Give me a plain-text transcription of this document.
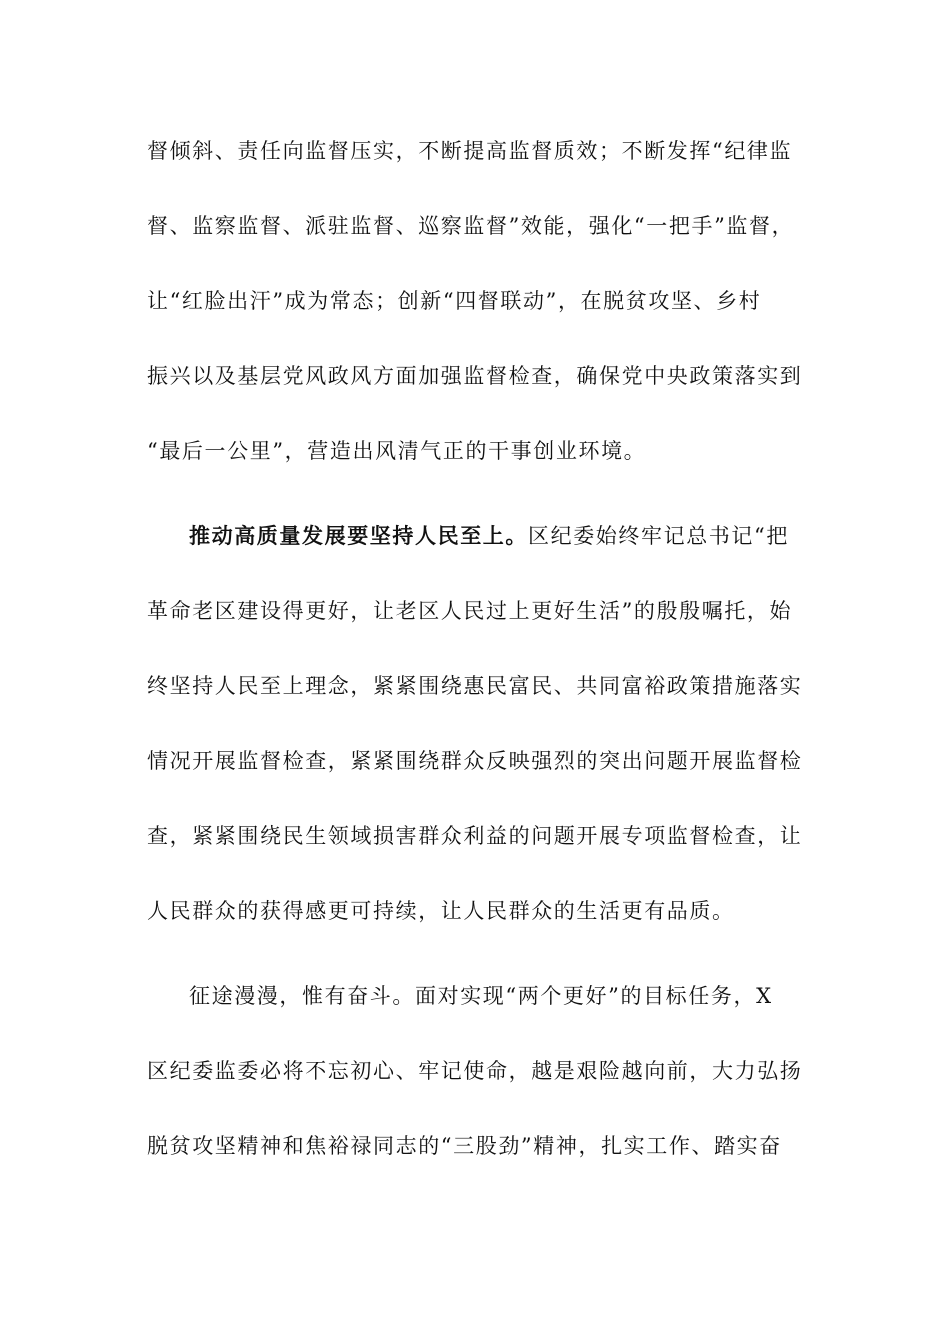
督倾斜、责任向监督压实，不断提高监督质效；不断发挥“纪律监
督、监察监督、派驻监督、巡察监督”效能，强化“一把手”监督，
让“红脸出汗”成为常态；创新“四督联动”，在脱贫攻坚、乡村
振兴以及基层党风政风方面加强监督检查，确保党中央政策落实到
“最后一公里”，营造出风清气正的干事创业环境。
推动高质量发展要坚持人民至上。区纪委始终牢记总书记“把
革命老区建设得更好，让老区人民过上更好生活”的殷殷嘱托，始
终坚持人民至上理念，紧紧围绕惠民富民、共同富裕政策措施落实
情况开展监督检查，紧紧围绕群众反映强烈的突出问题开展监督检
查，紧紧围绕民生领域损害群众利益的问题开展专项监督检查，让
人民群众的获得感更可持续，让人民群众的生活更有品质。
征途漫漫，惟有奋斗。面对实现“两个更好”的目标任务，X
区纪委监委必将不忘初心、牢记使命，越是艰险越向前，大力弘扬
脱贫攻坚精神和焦裕禄同志的“三股劲”精神，扎实工作、踏实奋
